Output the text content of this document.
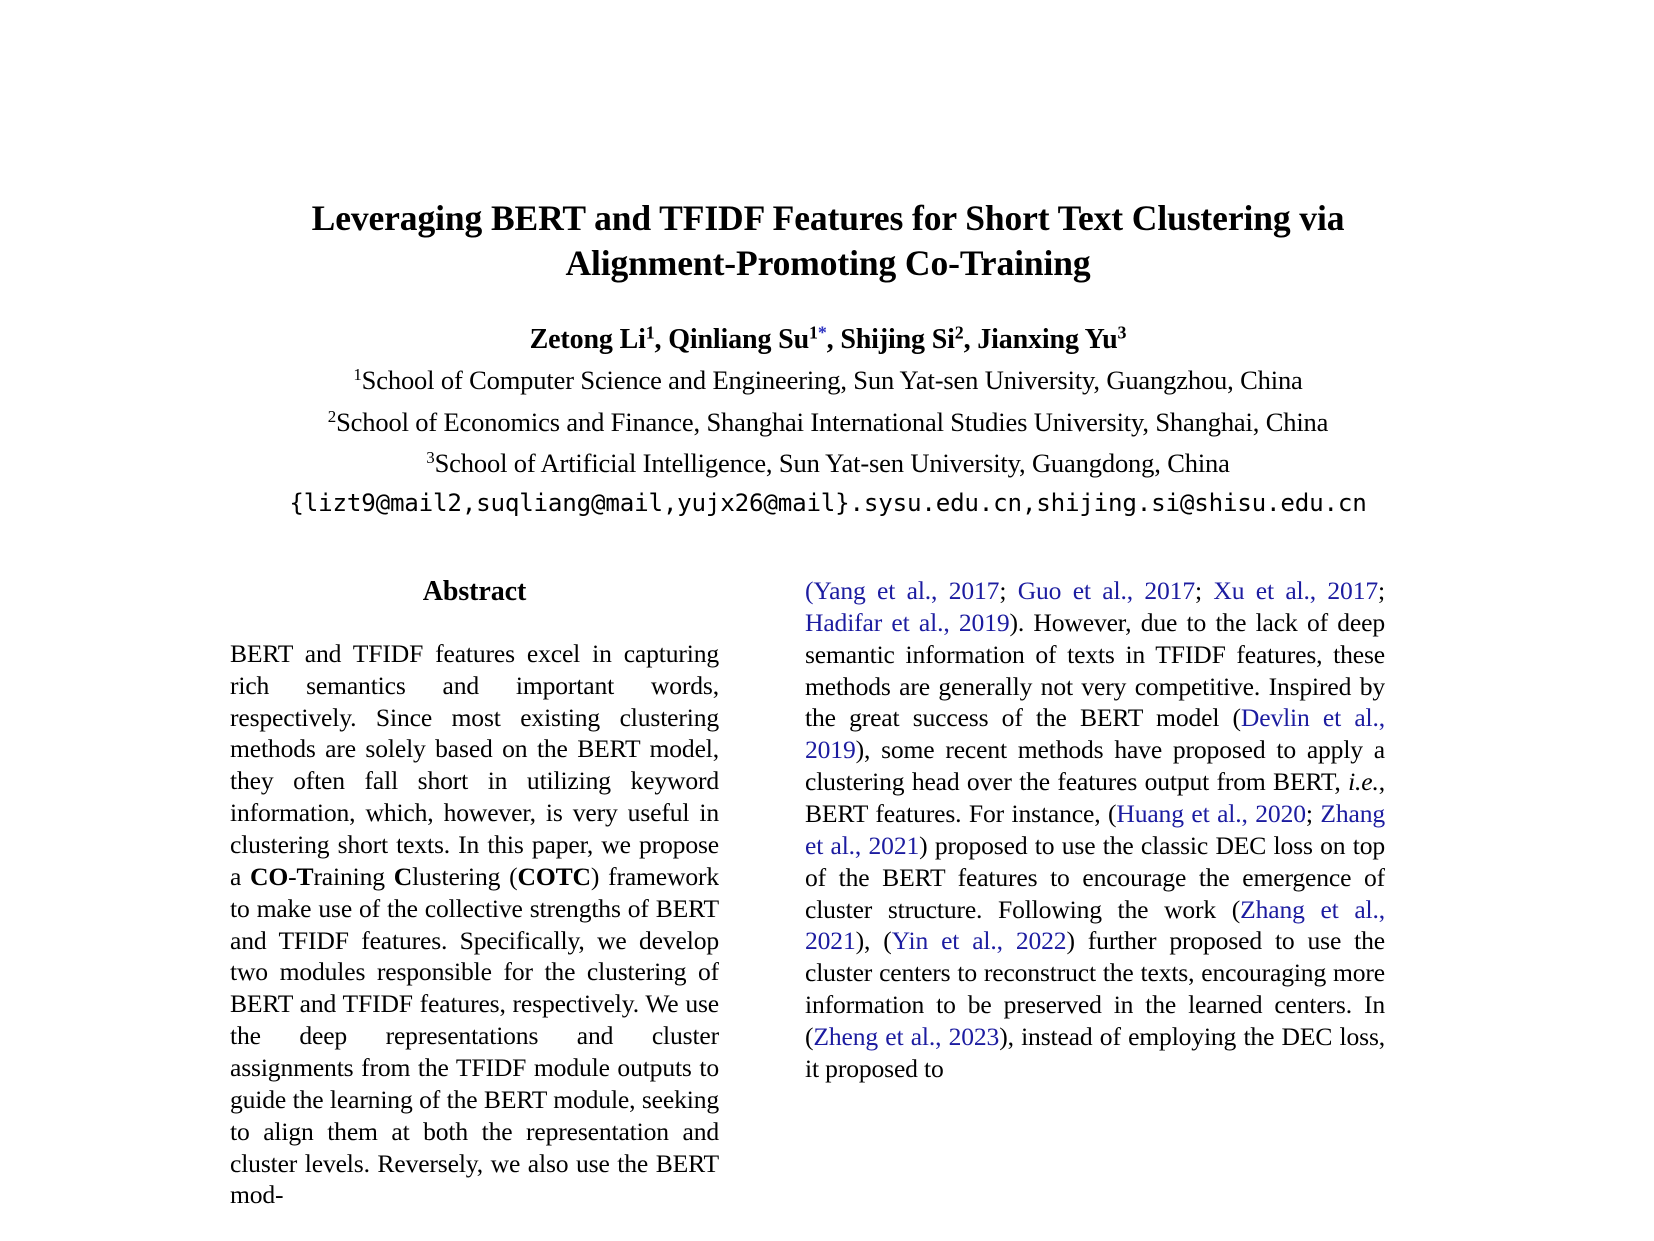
Leveraging BERT and TFIDF Features for Short Text Clustering via Alignment-Promoting Co-Training
Zetong Li$^1$, Qinliang $Su^{1*}$, Shijing Si$^2$, Jianxing Yu$^3$
$^1$School of Computer Science and Engineering, Sun Yat-sen University, Guangzhou, China
$^2$School of Economics and Finance, Shanghai International Studies University, Shanghai, China
$^3$School of Artificial Intelligence, Sun Yat-sen University, Guangdong, China
{lizt9@mail2,suqliang@mail,yujx26@mail}.sysu.edu.cn,shijing.si@shisu.edu.cn
Abstract

BERT and TFIDF features excel in capturing rich semantics and important words, respectively. Since most existing clustering methods are solely based on the BERT model, they often fall short in utilizing keyword information, which, however, is very useful in clustering short texts. In this paper, we propose a CO-Training Clustering (COTC) framework to make use of the collective strengths of BERT and TFIDF features. Specifically, we develop two modules responsible for the clustering of BERT and TFIDF features, respectively. We use the deep representations and cluster assignments from the TFIDF module outputs to guide the learning of the BERT module, seeking to align them at both the representation and cluster levels. Reversely, we also use the BERT mod-

(Yang et al., 2017; Guo et al., 2017; Xu et al., 2017; Hadifar et al., 2019). However, due to the lack of deep semantic information of texts in TFIDF features, these methods are generally not very competitive. Inspired by the great success of the BERT model (Devlin et al., 2019), some recent methods have proposed to apply a clustering head over the features output from BERT, i.e., BERT features. For instance, (Huang et al., 2020; Zhang et al., 2021) proposed to use the classic DEC loss on top of the BERT features to encourage the emergence of cluster structure. Following the work (Zhang et al., 2021), (Yin et al., 2022) further proposed to use the cluster centers to reconstruct the texts, encouraging more information to be preserved in the learned centers. In (Zheng et al., 2023), instead of employing the DEC loss, it proposed to
